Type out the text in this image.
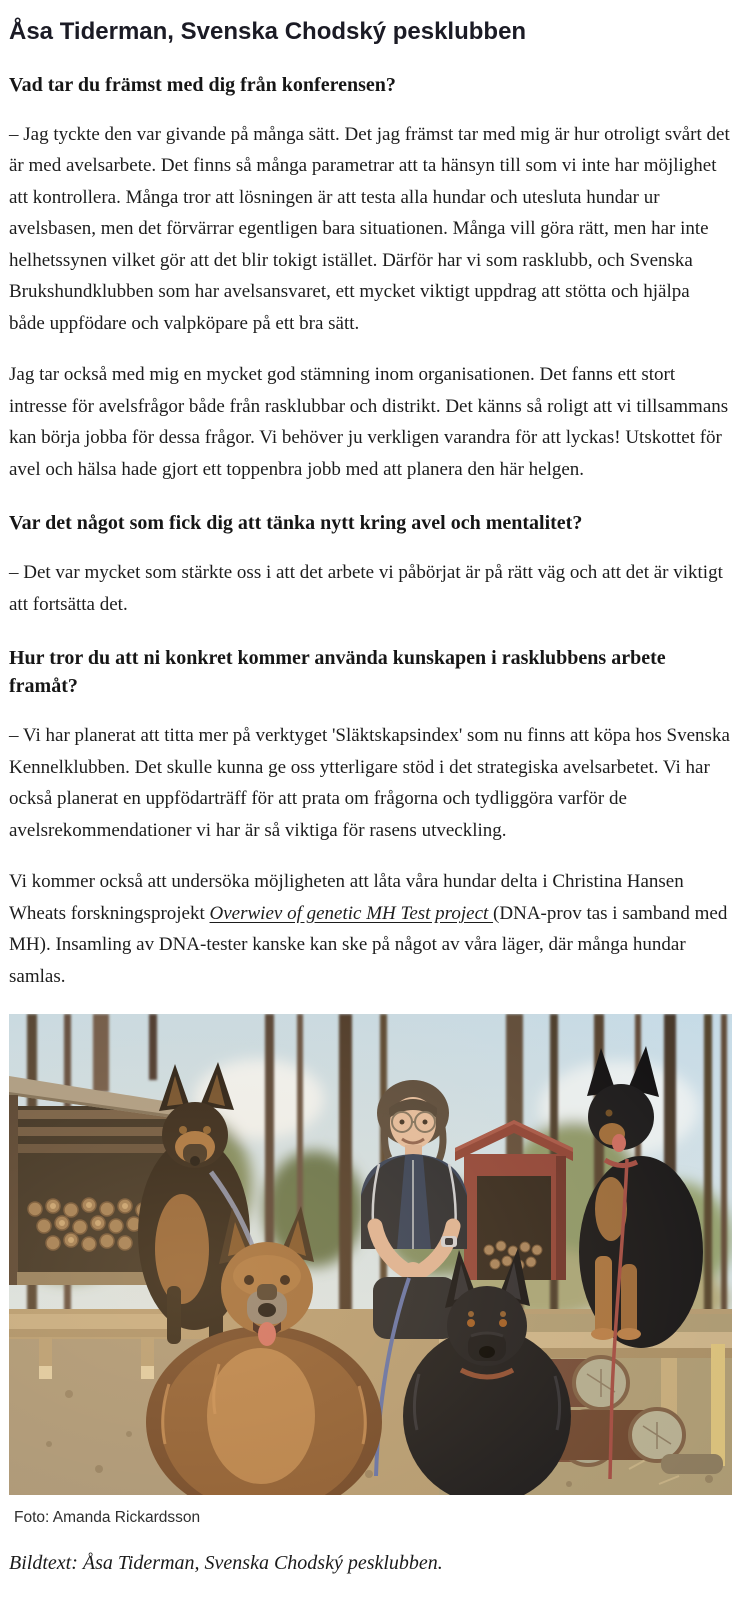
Åsa Tiderman, Svenska Chodský pesklubben
Vad tar du främst med dig från konferensen?

– Jag tyckte den var givande på många sätt. Det jag främst tar med mig är hur otroligt svårt det är med avelsarbete. Det finns så många parametrar att ta hänsyn till som vi inte har möjlighet att kontrollera. Många tror att lösningen är att testa alla hundar och utesluta hundar ur avelsbasen, men det förvärrar egentligen bara situationen. Många vill göra rätt, men har inte helhetssynen vilket gör att det blir tokigt istället. Därför har vi som rasklubb, och Svenska Brukshundklubben som har avelsansvaret, ett mycket viktigt uppdrag att stötta och hjälpa både uppfödare och valpköpare på ett bra sätt.

Jag tar också med mig en mycket god stämning inom organisationen. Det fanns ett stort intresse för avelsfrågor både från rasklubbar och distrikt. Det känns så roligt att vi tillsammans kan börja jobba för dessa frågor. Vi behöver ju verkligen varandra för att lyckas! Utskottet för avel och hälsa hade gjort ett toppenbra jobb med att planera den här helgen.

Var det något som fick dig att tänka nytt kring avel och mentalitet?

– Det var mycket som stärkte oss i att det arbete vi påbörjat är på rätt väg och att det är viktigt att fortsätta det.

Hur tror du att ni konkret kommer använda kunskapen i rasklubbens arbete framåt?

– Vi har planerat att titta mer på verktyget 'Släktskapsindex' som nu finns att köpa hos Svenska Kennelklubben. Det skulle kunna ge oss ytterligare stöd i det strategiska avelsarbetet. Vi har också planerat en uppfödarträff för att prata om frågorna och tydliggöra varför de avelsrekommendationer vi har är så viktiga för rasens utveckling.

Vi kommer också att undersöka möjligheten att låta våra hundar delta i Christina Hansen Wheats forskningsprojekt Overwiev of genetic MH Test project (DNA-prov tas i samband med MH). Insamling av DNA-tester kanske kan ske på något av våra läger, där många hundar samlas.

Foto: Amanda Rickardsson

Bildtext: Åsa Tiderman, Svenska Chodský pesklubben.
